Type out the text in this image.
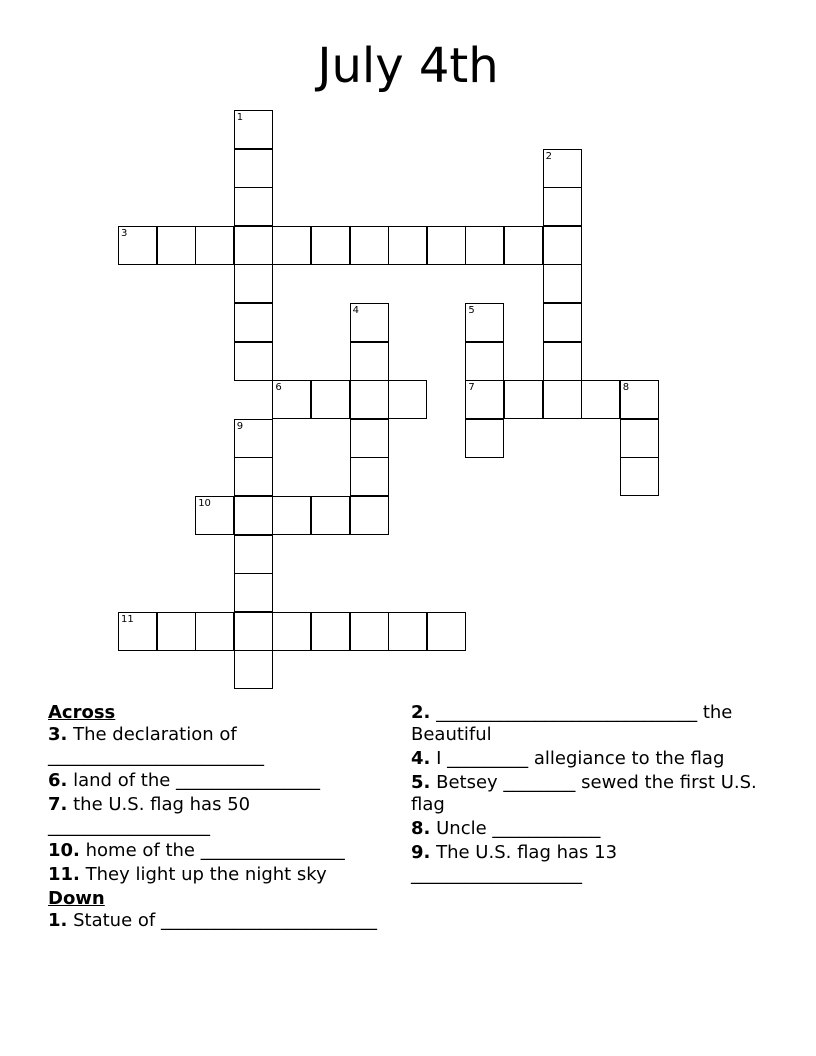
July 4th
1
2
3
4	5
7
6	8
9
10
11
Across
3. The declaration of ________________________
6. land of the ________________
7. the U.S. flag has 50 __________________
10. home of the ________________
11. They light up the night sky
Down
1. Statue of ________________________
2. _____________________________ the Beautiful
4. I _________ allegiance to the flag
5. Betsey ________ sewed the first U.S. flag
8. Uncle ____________
9. The U.S. flag has 13 ___________________
